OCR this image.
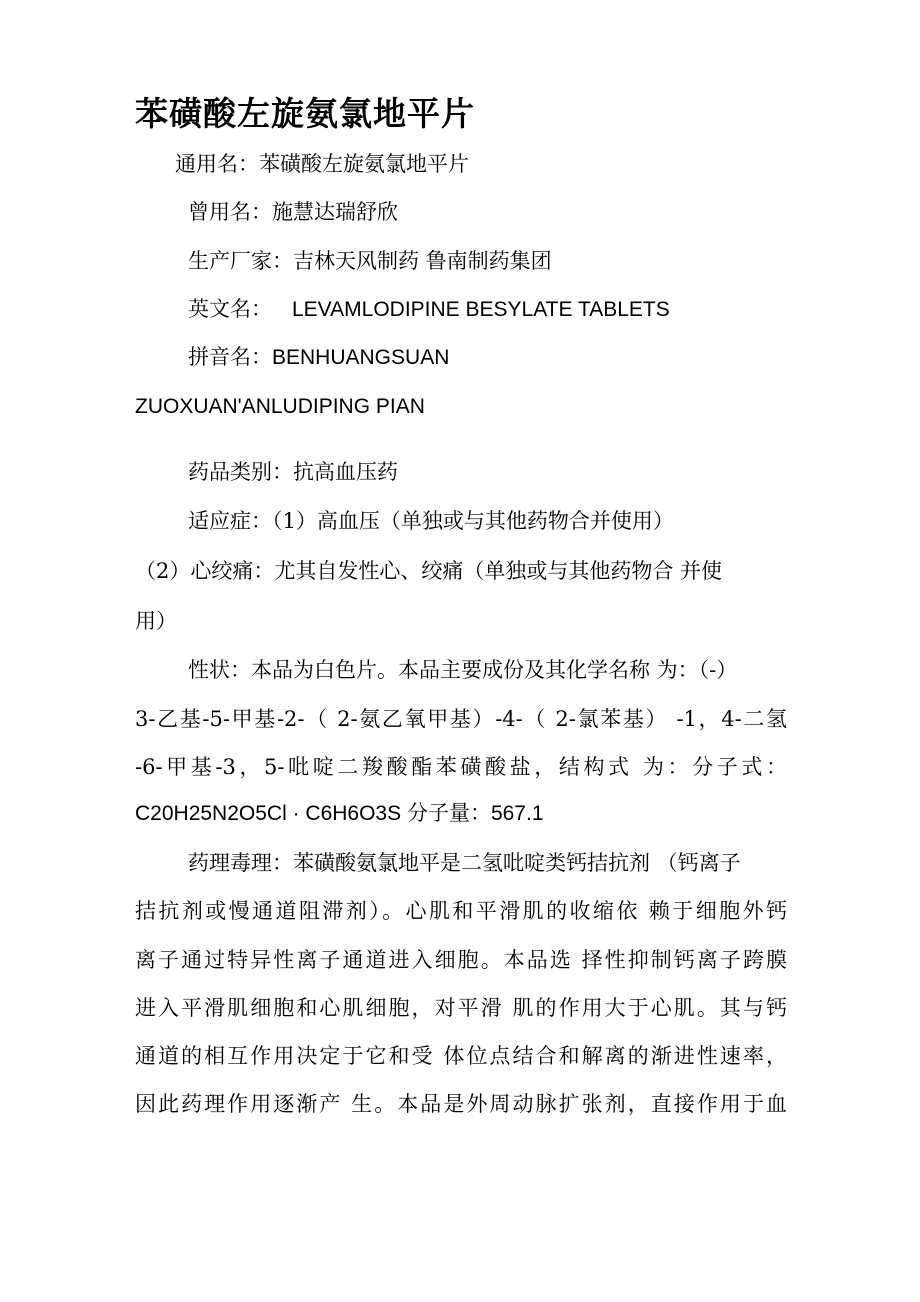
苯磺酸左旋氨氯地平片
通用名：苯磺酸左旋氨氯地平片
曾用名：施慧达瑞舒欣
生产厂家：吉林天风制药 鲁南制药集团
英文名： LEVAMLODIPINE BESYLATE TABLETS
拼音名：BENHUANGSUAN
ZUOXUAN'ANLUDIPING PIAN
药品类别：抗高血压药
适应症：（1）高血压（单独或与其他药物合并使用）
（2）心绞痛：尤其自发性心、绞痛（单独或与其他药物合 并使
用）
性状：本品为白色片。本品主要成份及其化学名称 为：（-）
3-乙基-5-甲基-2-（ 2-氨乙氧甲基）-4-（ 2-氯苯基） -1，4-二氢
-6-甲基-3，5-吡啶二羧酸酯苯磺酸盐，结构式 为：分子式：
C20H25N2O5Cl · C6H6O3S 分子量：567.1
药理毒理：苯磺酸氨氯地平是二氢吡啶类钙拮抗剂 （钙离子
拮抗剂或慢通道阻滞剂）。心肌和平滑肌的收缩依 赖于细胞外钙
离子通过特异性离子通道进入细胞。本品选 择性抑制钙离子跨膜
进入平滑肌细胞和心肌细胞，对平滑 肌的作用大于心肌。其与钙
通道的相互作用决定于它和受 体位点结合和解离的渐进性速率，
因此药理作用逐渐产 生。本品是外周动脉扩张剂，直接作用于血
